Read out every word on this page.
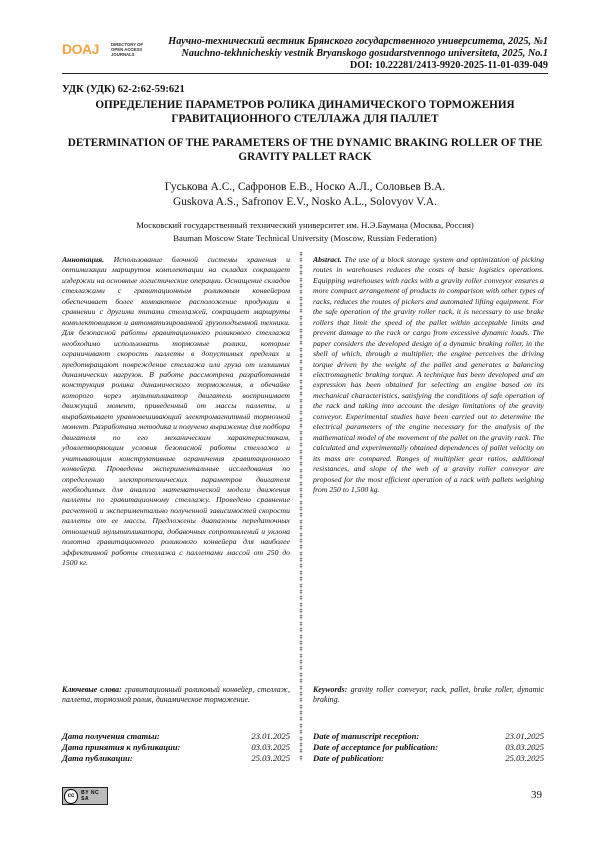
DOAJ	DIRECTORY OF
OPEN ACCESS
JOURNALS
Научно-технический вестник Брянского государственного университета, 2025, №1
Nauchno-tekhnicheskiy vestnik Bryanskogo gosudarstvennogo universiteta, 2025, No.1
DOI: 10.22281/2413-9920-2025-11-01-039-049
УДК (УДК) 62-2:62-59:621
ОПРЕДЕЛЕНИЕ ПАРАМЕТРОВ РОЛИКА ДИНАМИЧЕСКОГО ТОРМОЖЕНИЯ ГРАВИТАЦИОННОГО СТЕЛЛАЖА ДЛЯ ПАЛЛЕТ
DETERMINATION OF THE PARAMETERS OF THE DYNAMIC BRAKING ROLLER OF THE GRAVITY PALLET RACK
Гуськова А.С., Сафронов Е.В., Носко А.Л., Соловьев В.А.
Guskova A.S., Safronov E.V., Nosko A.L., Solovyov V.A.
Московский государственный технический университет им. Н.Э.Баумана (Москва, Россия)
Bauman Moscow State Technical University (Moscow, Russian Federation)
Аннотация. Использование блочной системы хранения и оптимизации маршрутов комплектации на складах сокращает издержки на основные логистические операции. Оснащение складов стеллажами с гравитационным роликовым конвейером обеспечивает более компактное расположение продукции в сравнении с другими типами стеллажей, сокращает маршруты комплектовщиков и автоматизированной грузоподъемной техники. Для безопасной работы гравитационного роликового стеллажа необходимо использовать тормозные ролики, которые ограничивают скорость паллеты в допустимых пределах и предотвращают повреждение стеллажа или груза от излишних динамических нагрузок. В работе рассмотрена разработанная конструкция ролика динамического торможения, в обечайке которого через мультипликатор двигатель воспринимает движущий момент, приведенный от массы паллеты, и вырабатывает уравновешивающий электромагнитный тормозной момент. Разработана методика и получено выражение для подбора двигателя по его механическим характеристикам, удовлетворяющим условия безопасной работы стеллажа и учитывающим конструктивные ограничения гравитационного конвейера. Проведены экспериментальные исследования по определению электротехнических параметров двигателя необходимых для анализа математической модели движения паллеты по гравитационному стеллажу. Проведено сравнение расчетной и экспериментально полученной зависимостей скорости паллеты от ее массы. Предложены диапазоны передаточных отношений мультипликатора, добавочных сопротивлений и уклона полотна гравитационного роликового конвейера для наиболее эффективной работы стеллажа с паллетами массой от 250 до 1500 кг.
Abstract. The use of a block storage system and optimization of picking routes in warehouses reduces the costs of basic logistics operations. Equipping warehouses with racks with a gravity roller conveyor ensures a more compact arrangement of products in comparison with other types of racks, reduces the routes of pickers and automated lifting equipment. For the safe operation of the gravity roller rack, it is necessary to use brake rollers that limit the speed of the pallet within acceptable limits and prevent damage to the rack or cargo from excessive dynamic loads. The paper considers the developed design of a dynamic braking roller, in the shell of which, through a multiplier, the engine perceives the driving torque driven by the weight of the pallet and generates a balancing electromagnetic braking torque. A technique has been developed and an expression has been obtained for selecting an engine based on its mechanical characteristics, satisfying the conditions of safe operation of the rack and taking into account the design limitations of the gravity conveyor. Experimental studies have been carried out to determine the electrical parameters of the engine necessary for the analysis of the mathematical model of the movement of the pallet on the gravity rack. The calculated and experimentally obtained dependences of pallet velocity on its mass are compared. Ranges of multiplier gear ratios, additional resistances, and slope of the web of a gravity roller conveyor are proposed for the most efficient operation of a rack with pallets weighing from 250 to 1,500 kg.
‡
‡
‡
‡
‡
‡
‡
‡
‡
‡
‡
‡
‡
‡
‡
‡
‡
‡
‡
‡
‡
‡
‡
‡
‡
‡
‡
‡
‡
‡
‡
‡
‡
‡
‡
‡
‡
‡
‡
‡
‡
‡
‡
‡
‡
‡
‡
‡
‡
‡
‡
‡
‡
‡
‡
‡
‡
‡
‡
‡
‡
‡
‡
‡
‡
‡
‡
‡
‡
‡
‡
‡
‡
‡
‡
‡
‡
‡
‡
‡

Ключевые слова: гравитационный роликовый конвейер, стеллаж, паллета, тормозной ролик, динамическое торможение.
Keywords: gravity roller conveyor, rack, pallet, brake roller, dynamic braking.
Дата получения статьи:	23.01.2025
Дата принятия к публикации:	03.03.2025
Дата публикации:	25.03.2025
Date of manuscript reception:	23.01.2025
Date of acceptance for publication:	03.03.2025
Date of publication:	25.03.2025
cc	BY NC SA	39
